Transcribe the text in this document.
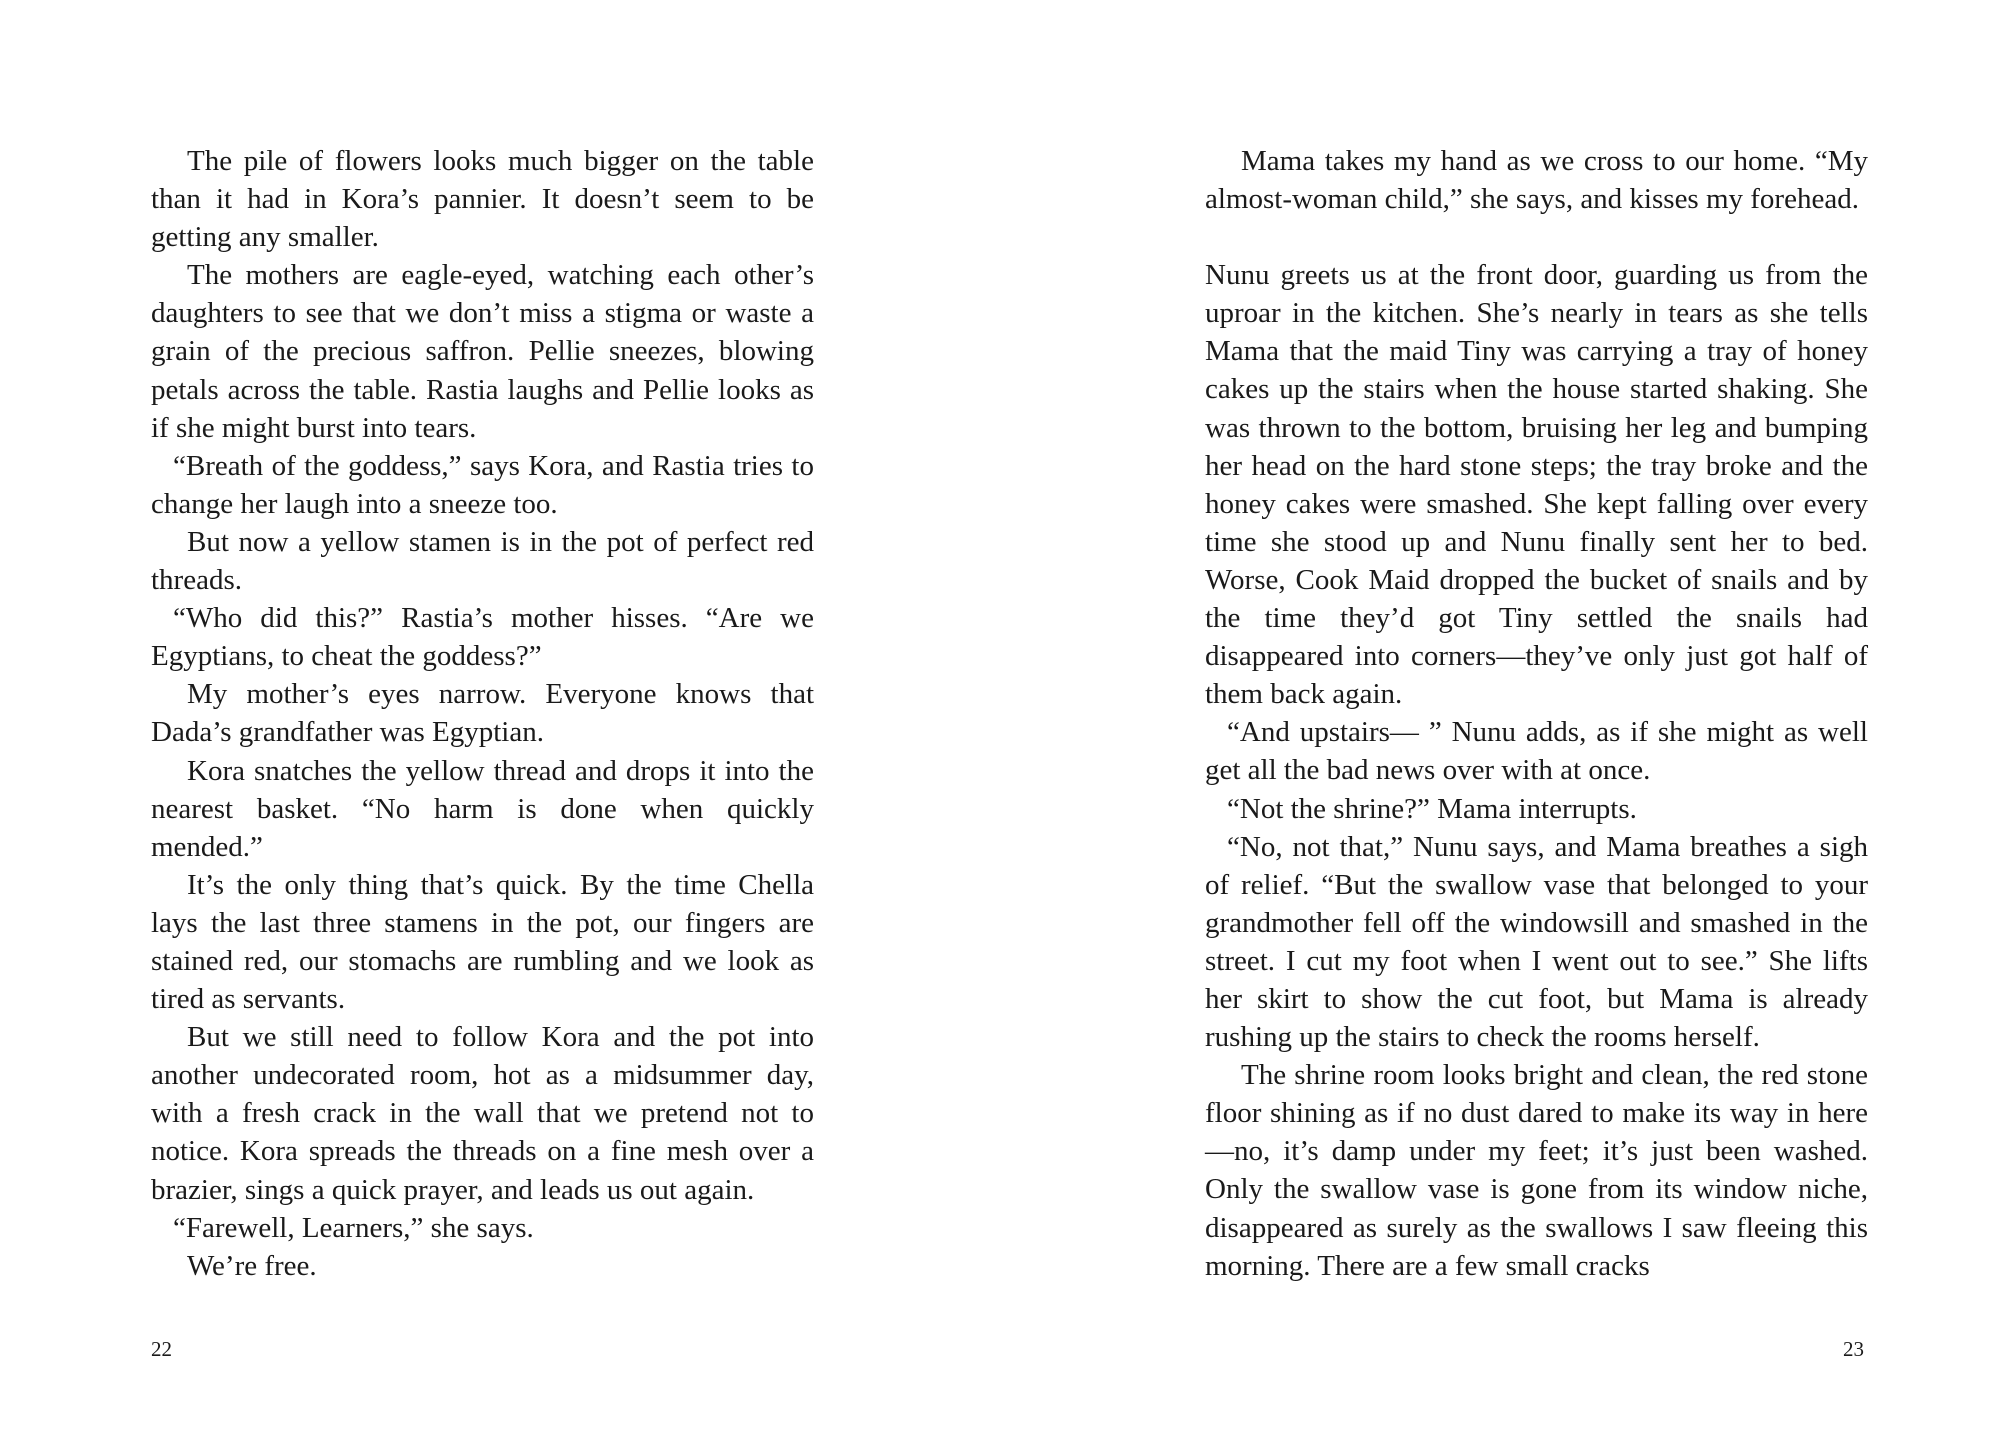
The pile of flowers looks much bigger on the table than it had in Kora’s pannier. It doesn’t seem to be getting any smaller.

The mothers are eagle-eyed, watching each other’s daughters to see that we don’t miss a stigma or waste a grain of the precious saffron. Pellie sneezes, blowing petals across the table. Rastia laughs and Pellie looks as if she might burst into tears.

“Breath of the goddess,” says Kora, and Rastia tries to change her laugh into a sneeze too.

But now a yellow stamen is in the pot of perfect red threads.

“Who did this?” Rastia’s mother hisses. “Are we Egyptians, to cheat the goddess?”

My mother’s eyes narrow. Everyone knows that Dada’s grandfather was Egyptian.

Kora snatches the yellow thread and drops it into the nearest basket. “No harm is done when quickly mended.”

It’s the only thing that’s quick. By the time Chella lays the last three stamens in the pot, our fingers are stained red, our stomachs are rumbling and we look as tired as servants.

But we still need to follow Kora and the pot into another undecorated room, hot as a midsummer day, with a fresh crack in the wall that we pretend not to notice. Kora spreads the threads on a fine mesh over a brazier, sings a quick prayer, and leads us out again.

“Farewell, Learners,” she says.

We’re free.

22

Mama takes my hand as we cross to our home. “My almost-woman child,” she says, and kisses my forehead.

Nunu greets us at the front door, guarding us from the uproar in the kitchen. She’s nearly in tears as she tells Mama that the maid Tiny was carrying a tray of honey cakes up the stairs when the house started shaking. She was thrown to the bottom, bruising her leg and bumping her head on the hard stone steps; the tray broke and the honey cakes were smashed. She kept falling over every time she stood up and Nunu finally sent her to bed. Worse, Cook Maid dropped the bucket of snails and by the time they’d got Tiny settled the snails had disappeared into corners—they’ve only just got half of them back again.

“And upstairs— ” Nunu adds, as if she might as well get all the bad news over with at once.

“Not the shrine?” Mama interrupts.

“No, not that,” Nunu says, and Mama breathes a sigh of relief. “But the swallow vase that belonged to your grandmother fell off the windowsill and smashed in the street. I cut my foot when I went out to see.” She lifts her skirt to show the cut foot, but Mama is already rushing up the stairs to check the rooms herself.

The shrine room looks bright and clean, the red stone floor shining as if no dust dared to make its way in here—no, it’s damp under my feet; it’s just been washed. Only the swallow vase is gone from its window niche, disappeared as surely as the swallows I saw fleeing this morning. There are a few small cracks

23
